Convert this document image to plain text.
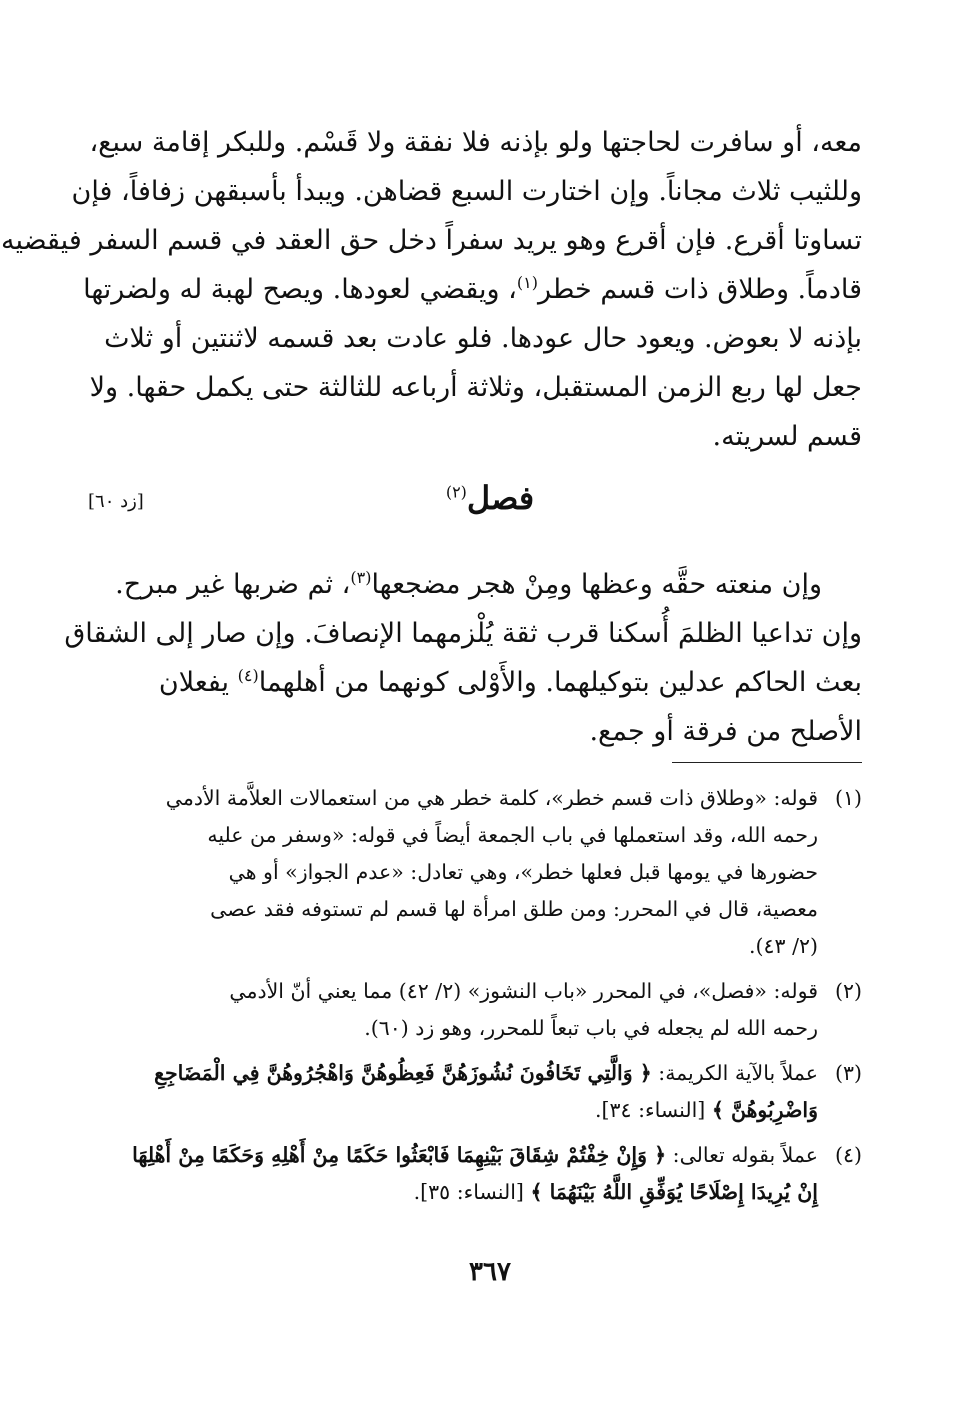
معه، أو سافرت لحاجتها ولو بإذنه فلا نفقة ولا قَسْم. وللبكر إقامة سبع،
وللثيب ثلاث مجاناً. وإن اختارت السبع قضاهن. ويبدأ بأسبقهن زفافاً، فإن
تساوتا أقرع. فإن أقرع وهو يريد سفراً دخل حق العقد في قسم السفر فيقضيه
قادماً. وطلاق ذات قسم خطر$^{(١)}$، ويقضي لعودها. ويصح لهبة له ولضرتها
بإذنه لا بعوض. ويعود حال عودها. فلو عادت بعد قسمه لاثنتين أو ثلاث
جعل لها ربع الزمن المستقبل، وثلاثة أرباعه للثالثة حتى يكمل حقها. ولا
قسم لسريته.
فصل$^{(٢)}$
[زد ٦٠]
وإن منعته حقَّه وعظها ومِنْ هجر مضجعها$^{(٣)}$، ثم ضربها غير مبرح.
وإن تداعيا الظلمَ أُسكنا قرب ثقة يُلْزمهما الإنصافَ. وإن صار إلى الشقاق
بعث الحاكم عدلين بتوكيلهما. والأَوْلى كونهما من أهلهما$^{(٤)}$ يفعلان
الأصلح من فرقة أو جمع.
(١)
قوله: «وطلاق ذات قسم خطر»، كلمة خطر هي من استعمالات العلاَّمة الأدمي
رحمه الله، وقد استعملها في باب الجمعة أيضاً في قوله: «وسفر من عليه
حضورها في يومها قبل فعلها خطر»، وهي تعادل: «عدم الجواز» أو هي
معصية، قال في المحرر: ومن طلق امرأة لها قسم لم تستوفه فقد عصى
(٢/ ٤٣).
(٢)
قوله: «فصل»، في المحرر «باب النشوز» (٢/ ٤٢) مما يعني أنّ الأدمي
رحمه الله لم يجعله في باب تبعاً للمحرر، وهو زد (٦٠).
(٣)
عملاً بالآية الكريمة: ﴿ وَالَّتِي تَخَافُونَ نُشُوزَهُنَّ فَعِظُوهُنَّ وَاهْجُرُوهُنَّ فِي الْمَضَاجِعِ
وَاضْرِبُوهُنَّ ﴾ [النساء: ٣٤].
(٤)
عملاً بقوله تعالى: ﴿ وَإِنْ خِفْتُمْ شِقَاقَ بَيْنِهِمَا فَابْعَثُوا حَكَمًا مِنْ أَهْلِهِ وَحَكَمًا مِنْ أَهْلِهَا
إِنْ يُرِيدَا إِصْلَاحًا يُوَفِّقِ اللَّهُ بَيْنَهُمَا ﴾ [النساء: ٣٥].
٣٦٧
